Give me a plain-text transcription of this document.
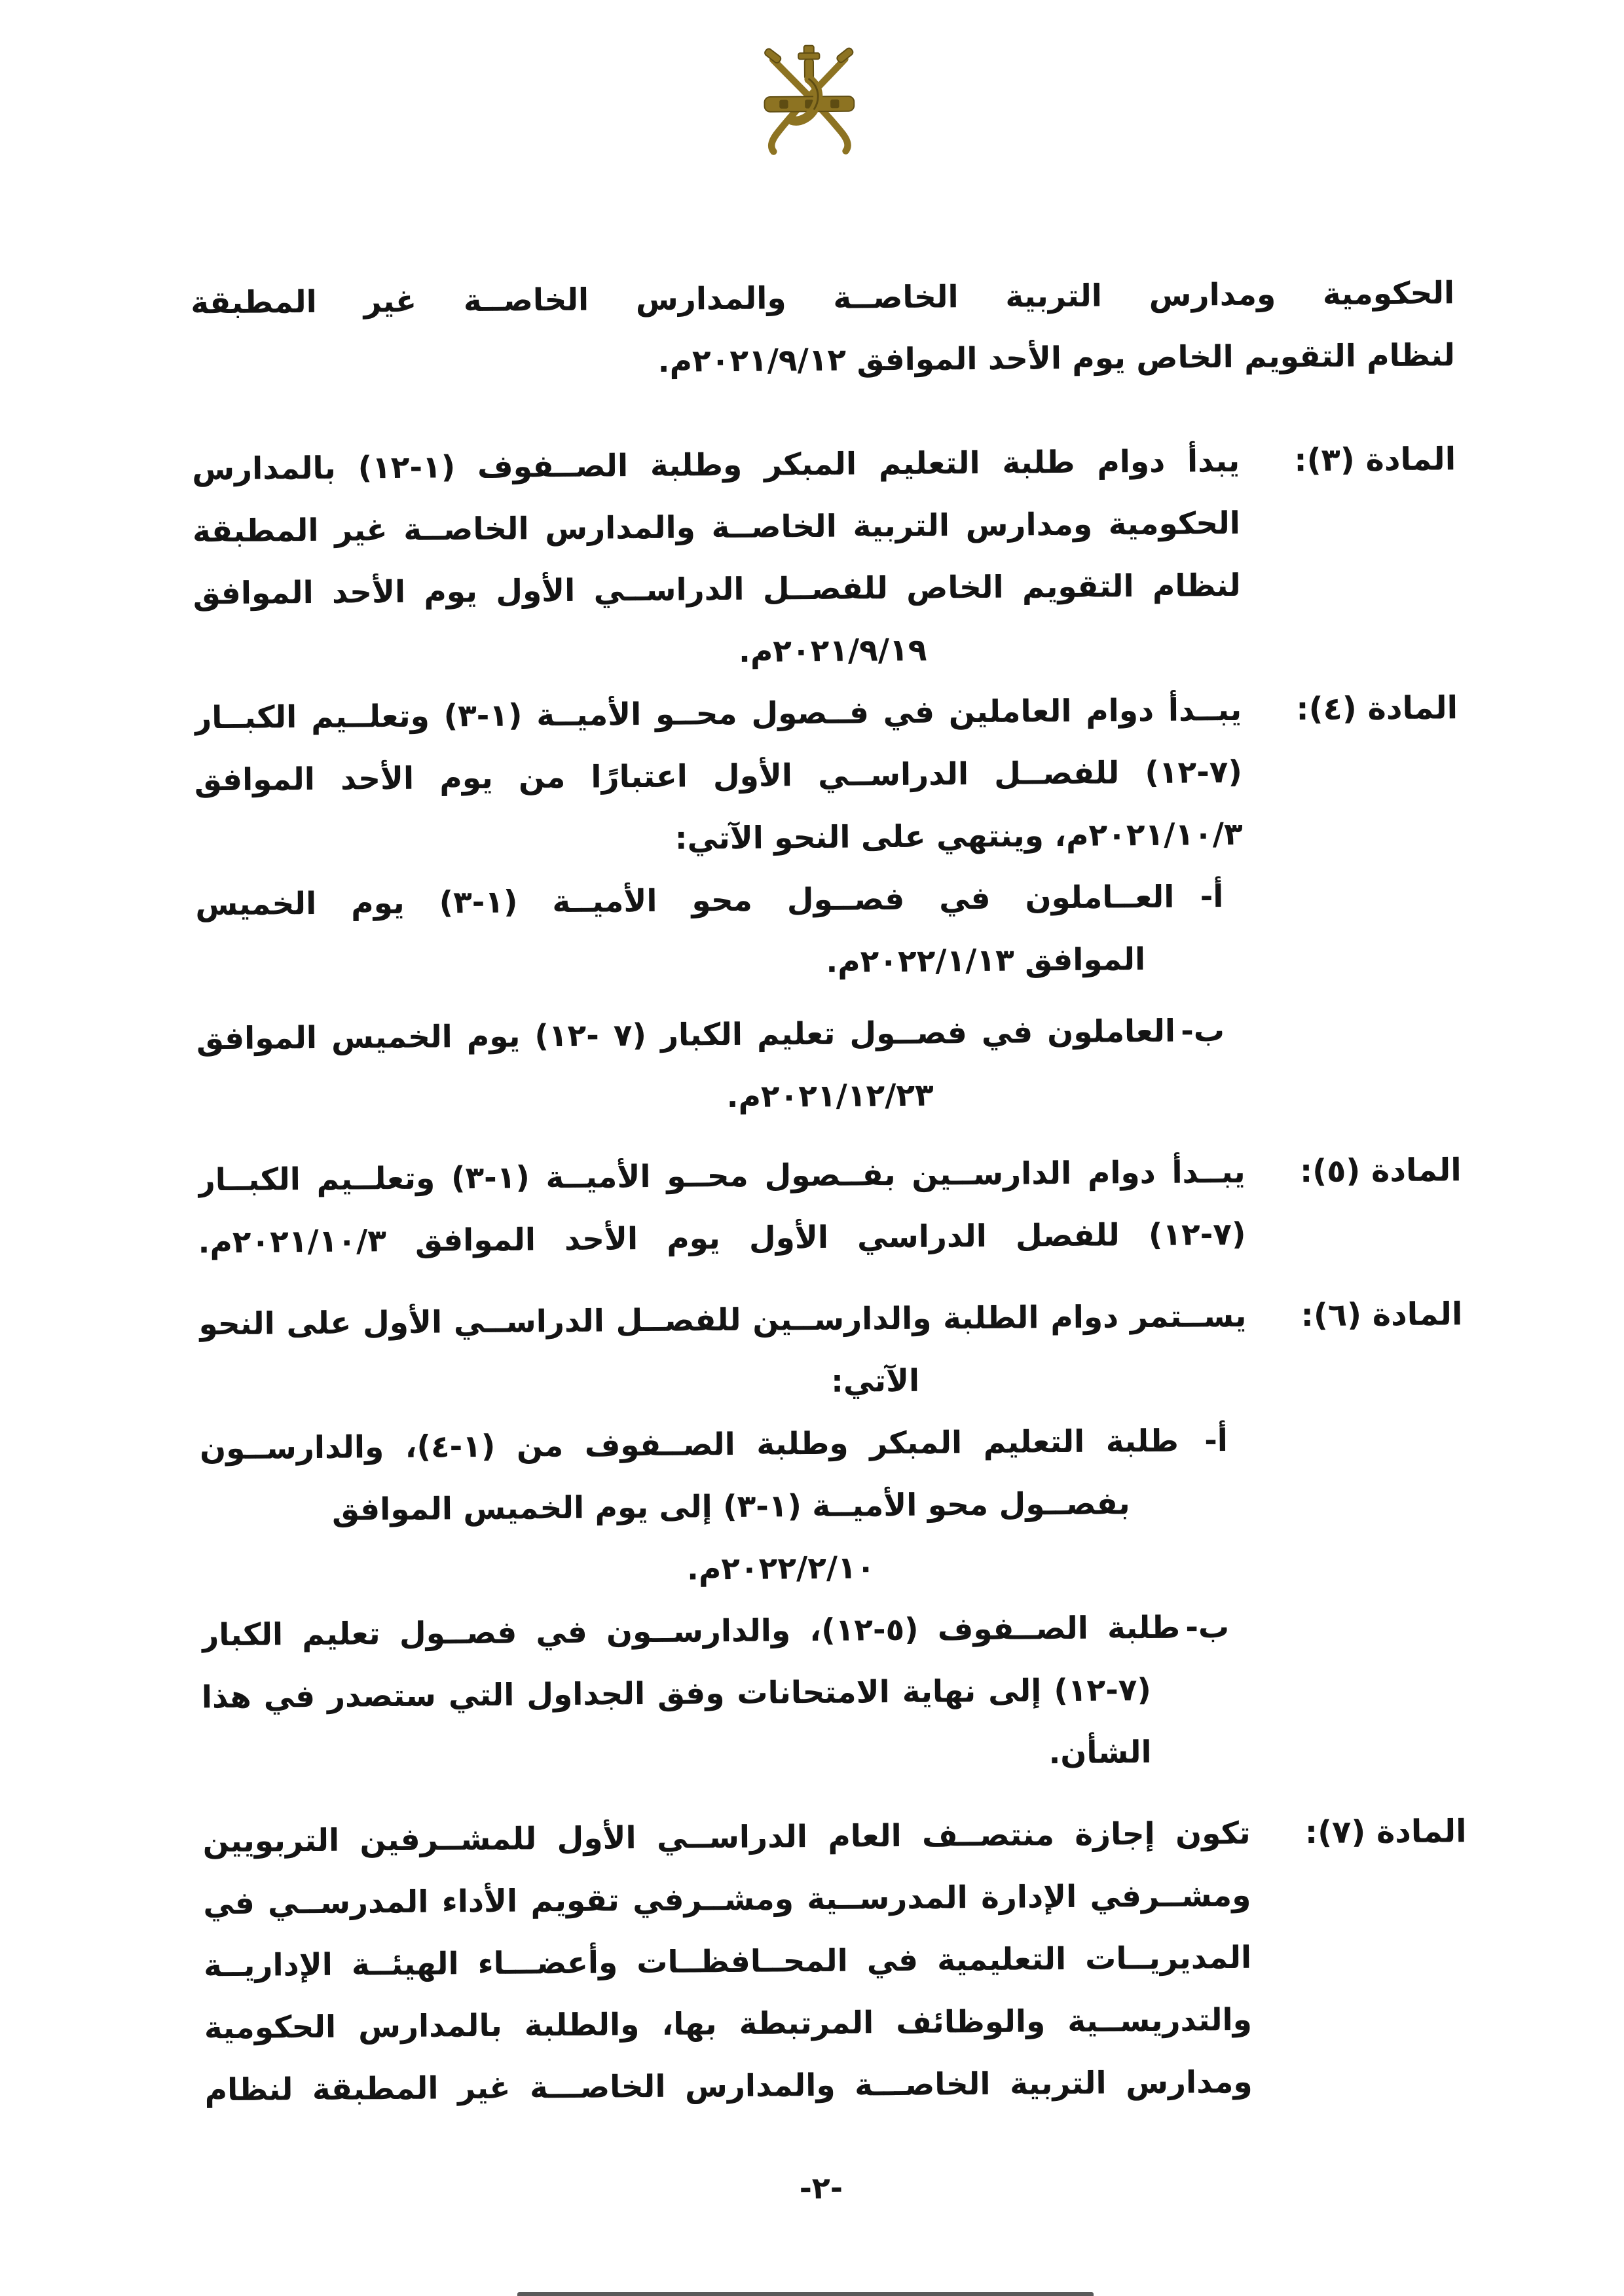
الحكومية ومدارس التربية الخاصــة والمدارس الخاصــة غير المطبقة
لنظام التقويم الخاص يوم الأحد الموافق ٢٠٢١/٩/١٢م.
المادة (٣):
يبدأ دوام طلبة التعليم المبكر وطلبة الصــفوف (١-١٢) بالمدارس
الحكومية ومدارس التربية الخاصــة والمدارس الخاصــة غير المطبقة
لنظام التقويم الخاص للفصــل الدراســي الأول يوم الأحد الموافق
٢٠٢١/٩/١٩م.
المادة (٤):
يبــدأ دوام العاملين في فــصول محــو الأميــة (١-٣) وتعلــيم الكبــار
(٧-١٢) للفصــل الدراســي الأول اعتبارًا من يوم الأحد الموافق
٢٠٢١/١٠/٣م، وينتهي على النحو الآتي:
أ-
العــاملون في فصــول محو الأميــة (١-٣) يوم الخميس
الموافق ٢٠٢٢/١/١٣م.
ب-
العاملون في فصــول تعليم الكبار (٧ -١٢) يوم الخميس الموافق
٢٠٢١/١٢/٢٣م.
المادة (٥):
يبــدأ دوام الدارســين بفــصول محــو الأميــة (١-٣) وتعلــيم الكبــار
(٧-١٢) للفصل الدراسي الأول يوم الأحد الموافق ٢٠٢١/١٠/٣م.
المادة (٦):
يســتمر دوام الطلبة والدارســين للفصــل الدراســي الأول على النحو
الآتي:
أ-
طلبة التعليم المبكر وطلبة الصــفوف من (١-٤)، والدارســون
بفصــول محو الأميــة (١-٣) إلى يوم الخميس الموافق
٢٠٢٢/٢/١٠م.
ب-
طلبة الصــفوف (٥-١٢)، والدارســون في فصــول تعليم الكبار
(٧-١٢) إلى نهاية الامتحانات وفق الجداول التي ستصدر في هذا
الشأن.
المادة (٧):
تكون إجازة منتصــف العام الدراســي الأول للمشــرفين التربويين
ومشــرفي الإدارة المدرســية ومشــرفي تقويم الأداء المدرســي في
المديريــات التعليمية في المحــافظــات وأعضـــاء الهيئــة الإداريــة
والتدريســية والوظائف المرتبطة بها، والطلبة بالمدارس الحكومية
ومدارس التربية الخاصـــة والمدارس الخاصـــة غير المطبقة لنظام
-٢-
